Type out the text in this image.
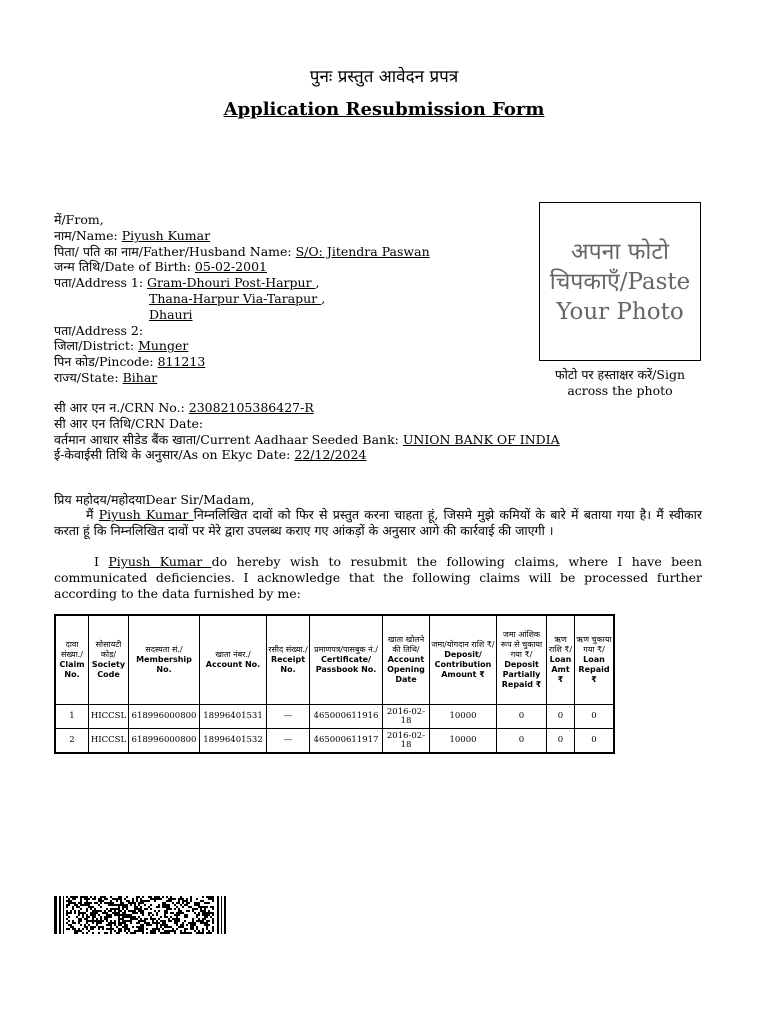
पुनः प्रस्तुत आवेदन प्रपत्र
Application Resubmission Form
में/From,
नाम/Name: Piyush Kumar
पिता/ पति का नाम/Father/Husband Name: S/O: Jitendra Paswan
जन्म तिथि/Date of Birth: 05-02-2001
पता/Address 1: Gram-Dhouri Post-Harpur ,
Thana-Harpur Via-Tarapur ,
Dhauri
पता/Address 2:
जिला/District: Munger
पिन कोड/Pincode: 811213
राज्य/State: Bihar
अपना फोटो चिपकाएँ/Paste
Your Photo
फोटो पर हस्ताक्षर करें/Sign across the photo
सी आर एन न./CRN No.: 23082105386427-R
सी आर एन तिथि/CRN Date:
वर्तमान आधार सीडेड बैंक खाता/Current Aadhaar Seeded Bank: UNION BANK OF INDIA
ई-केवाईसी तिथि के अनुसार/As on Ekyc Date: 22/12/2024
प्रिय महोदय/महोदयाDear Sir/Madam,
मैं Piyush Kumar निम्नलिखित दावों को फिर से प्रस्तुत करना चाहता हूं, जिसमे मुझे कमियों के बारे में बताया गया है। मैं स्वीकार करता हूं कि निम्नलिखित दावों पर मेरे द्वारा उपलब्ध कराए गए आंकड़ों के अनुसार आगे की कार्रवाई की जाएगी ।
I Piyush Kumar do hereby wish to resubmit the following claims, where I have been communicated deficiencies. I acknowledge that the following claims will be processed further according to the data furnished by me:
दावा संख्या./
Claim No.	सोसायटी कोड/
Society Code	सदस्यता सं./
Membership No.	खाता नंबर./
Account No.	रसीद संख्या./
Receipt No.	प्रमाणपत्र/पासबुक नं./
Certificate/ Passbook No.	खाता खोलने की तिथि/
Account Opening Date	जमा/योगदान राशि ₹/
Deposit/ Contribution Amount ₹	जमा आंशिक रूप से चुकाया गया ₹/
Deposit Partially Repaid ₹	ऋण राशि ₹/
Loan Amt ₹	ऋण चुकाया गया ₹/
Loan Repaid ₹
1	HICCSL	618996000800	18996401531	—	465000611916	2016-02-18	10000	0	0	0
2	HICCSL	618996000800	18996401532	—	465000611917	2016-02-18	10000	0	0	0
